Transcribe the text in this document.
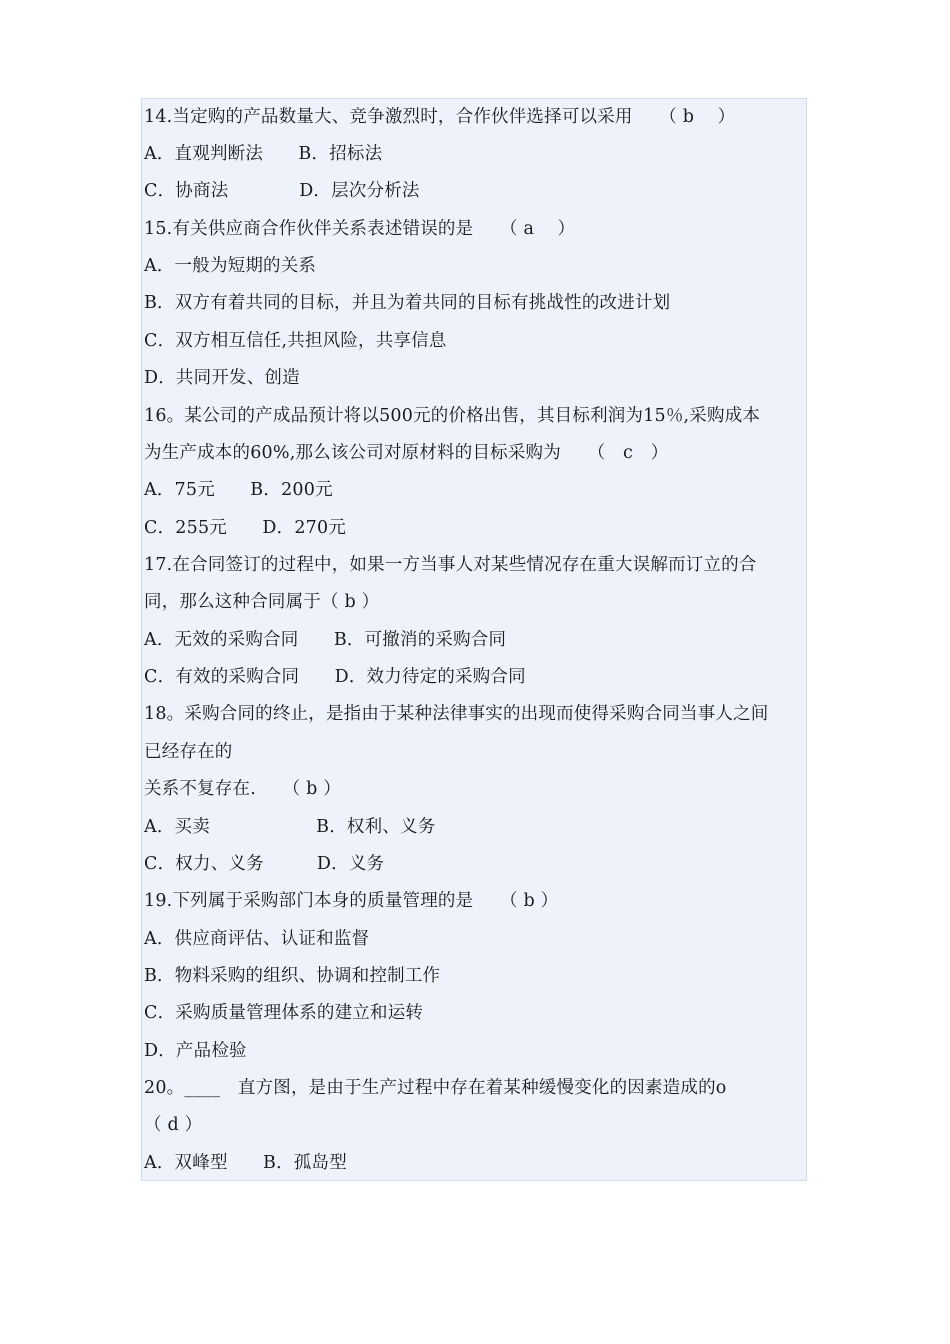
14.当定购的产品数量大、竞争激烈时，合作伙伴选择可以采用　　（ b　 ）
A．直观判断法　　B．招标法
C．协商法　　　　D．层次分析法
15.有关供应商合作伙伴关系表述错误的是　　（ a　 ）
A．一般为短期的关系
B．双方有着共同的目标，并且为着共同的目标有挑战性的改进计划
C．双方相互信任,共担风险，共享信息
D．共同开发、创造
16。某公司的产成品预计将以500元的价格出售，其目标利润为15％,采购成本
为生产成本的60%,那么该公司对原材料的目标采购为　　（　c　）
A．75元　　B．200元
C．255元　　D．270元
17.在合同签订的过程中，如果一方当事人对某些情况存在重大误解而订立的合
同，那么这种合同属于（ b ）
A．无效的采购合同　　B．可撤消的采购合同
C．有效的采购合同　　D．效力待定的采购合同
18。采购合同的终止，是指由于某种法律事实的出现而使得采购合同当事人之间
已经存在的
关系不复存在.　　（ b ）
A．买卖　　　　　　B．权利、义务
C．权力、义务　　　D．义务
19.下列属于采购部门本身的质量管理的是　　（ b ）
A．供应商评估、认证和监督
B．物料采购的组织、协调和控制工作
C．采购质量管理体系的建立和运转
D．产品检验
20。____　直方图，是由于生产过程中存在着某种缓慢变化的因素造成的o
（ d ）
A．双峰型　　B．孤岛型
